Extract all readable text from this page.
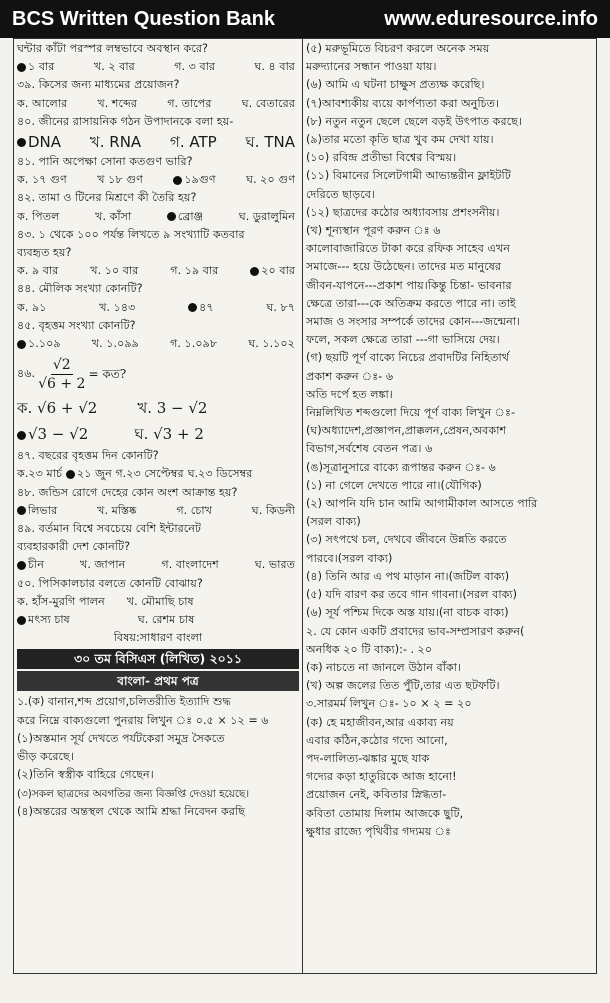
BCS Written Question Bank	www.eduresource.info
ঘন্টার কাঁটা পরস্পর লম্বভাবে অবস্থান করে?
১ বার	খ. ২ বার	গ. ৩ বার	ঘ. ৪ বার
৩৯. কিসের জন্য মাধ্যমের প্রয়োজন?
ক. আলোর	খ. শব্দের	গ. তাপের	ঘ. বেতারের
৪০. জীনের রাসায়নিক গঠন উপাদানকে বলা হয়-
DNA খ. RNA গ. ATP ঘ. TNA
৪১. পানি অপেক্ষা সোনা কতগুণ ভারি?
ক. ১৭ গুণ	খ ১৮ গুণ	১৯গুণ	ঘ. ২০ গুণ
৪২. তামা ও টিনের মিশ্রণে কী তৈরি হয়?
ক. পিতল	খ. কাঁসা	ব্রোঞ্জ	ঘ. ডুরালুমিন
৪৩. ১ থেকে ১০০ পর্যন্ত লিখতে ৯ সংখ্যাটি কতবার
ব্যবহৃত হয়?
ক. ৯ বার	খ. ১০ বার	গ. ১৯ বার	২০ বার
৪৪. মৌলিক সংখ্যা কোনটি?
ক. ৯১	খ. ১৪৩	৪৭	ঘ. ৮৭
৪৫. বৃহত্তম সংখ্যা কোনটি?
১.১০৯	খ. ১.০৯৯	গ. ১.০৯৮	ঘ. ১.১০২
৪৬. $\frac{√2}{√6 + 2}$ = কত?
ক. √6 + √2	খ. 3 − √2
√3 − √2	ঘ. √3 + 2
৪৭. বছরের বৃহত্তম দিন কোনটি?
ক.২৩ মার্চ	২১ জুন গ.২৩ সেপ্টেম্বর ঘ.২৩ ডিসেম্বর
৪৮. জন্ডিস রোগে দেহের কোন অংশ আক্রান্ত হয়?
লিভার	খ. মস্তিষ্ক	গ. চোখ	ঘ. কিডনী
৪৯. বর্তমান বিশ্বে সবচেয়ে বেশি ইন্টারনেট
ব্যবহারকারী দেশ কোনটি?
চীন	খ. জাপান	গ. বাংলাদেশ	ঘ. ভারত
৫০. পিসিকালচার বলতে কোনটি বোঝায়?
ক. হাঁস-মুরগি পালন খ. মৌমাছি চাষ
মৎস্য চাষ	ঘ. রেশম চাষ
বিষয়:সাধারণ বাংলা
৩০ তম বিসিএস (লিখিত) ২০১১
বাংলা- প্রথম পত্র
১.(ক) বানান,শব্দ প্রয়োগ,চলিতরীতি ইত্যাদি শুদ্ধ
করে নিম্নে বাক্যগুলো পুনরায় লিখুন ঃ ০.৫ × ১২ = ৬
(১)অস্তমান সূর্য দেখতে পর্যটকেরা সমুদ্র সৈকতে
ভীড় করেছে।
(২)তিনি স্বস্ত্রীক বাহিরে গেছেন।
(৩)সকল ছাত্রদের অবগতির জন্য বিজ্ঞপ্তি দেওয়া হয়েছে।
(৪)অন্তরের অন্তস্থল থেকে আমি শ্রদ্ধা নিবেদন করছি
(৫) মরুভূমিতে বিচরণ করলে অনেক সময়
মরুদ্যানের সন্ধান পাওয়া যায়।
(৬) আমি এ ঘটনা চাক্ষুস প্রত্যক্ষ করেছি।
(৭)আবশ্যকীয় ব্যয়ে কার্পণ্যতা করা অনুচিত।
(৮) নতুন নতুন ছেলে ছেলে বড়ই উৎপাত করছে।
(৯)তার মতো কৃতি ছাত্র খুব কম দেখা যায়।
(১০) রবিন্দ্র প্রতীভা বিশ্বের বিস্ময়।
(১১) বিমানের সিলেটগামী আভ্যন্তরীন ফ্লাইটটি
দেরিতে ছাড়বে।
(১২) ছাত্রদের কঠোর অধ্যাবসায় প্রশংসনীয়।
(খ) শূন্যস্থান পূরণ করুন ঃ ৬
কালোবাজারিতে টাকা করে রফিক সাহেব এখন
সমাজে--- হয়ে উঠেছেন। তাদের মত মানুষের
জীবন-যাপনে---প্রকাশ পায়।কিন্তু চিন্তা- ভাবনার
ক্ষেত্রে তারা---কে অতিক্রম করতে পারে না। তাই
সমাজ ও সংসার সম্পর্কে তাদের কোন---জন্মেনা।
ফলে, সকল ক্ষেত্রে তারা ---গা ভাসিয়ে দেয়।
(গ) ছয়টি পূর্ণ বাক্যে নিচের প্রবাদটির নিহিতার্থ
প্রকাশ করুন ঃ- ৬
অতি দর্পে হত লঙ্কা।
নিম্নলিখিত শব্দগুলো দিয়ে পূর্ণ বাক্য লিখুন ঃ-
(ঘ)অধ্যাদেশ,প্রজ্ঞাপন,প্রাক্কলন,প্রেষন,অবকাশ
বিভাগ,সর্বশেষ বেতন পত্র। ৬
(ঙ)সূত্রানুসারে বাক্যে রূপান্তর করুন ঃ- ৬
(১) না গেলে দেখতে পারে না।(যৌগিক)
(২) আপনি যদি চান আমি আগামীকাল আসতে পারি
(সরল বাক্য)
(৩) সৎপথে চল, দেখবে জীবনে উন্নতি করতে
পারবে।(সরল বাক্য)
(৪) তিনি আর এ পথ মাড়ান না।(জটিল বাক্য)
(৫) যদি বারণ কর তবে গান গাবনা।(সরল বাক্য)
(৬) সূর্য পশ্চিম দিকে অস্ত যায়।(না বাচক বাক্য)
২. যে কোন একটি প্রবাদের ভাব-সম্প্রসারণ করুন(
অনধিক ২০ টি বাক্য):- . ২০
(ক) নাচতে না জানলে উঠান বাঁকা।
(খ) অল্প জলের তিত পুঁটি,তার এত ছটফটি।
৩.সারমর্ম লিখুন ঃ- ১০ × ২ = ২০
(ক) হে মহাজীবন,আর একাব্য নয়
এবার কঠিন,কঠোর গদ্যে আনো,
পদ-লালিত্য-ঝঙ্কার মুছে যাক
গদ্যের কড়া হাতুরিকে আজ হানো!
প্রয়োজন নেই, কবিতার স্নিগ্ধতা-
কবিতা তোমায় দিলাম আজকে ছুটি,
ক্ষুধার রাজ্যে পৃথিবীর গদ্যময় ঃ
